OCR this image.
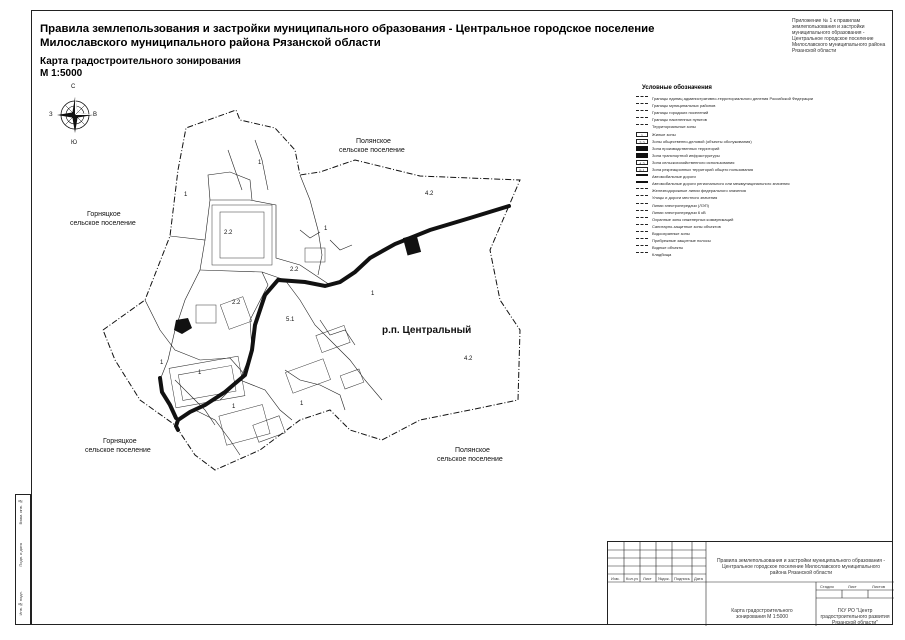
Правила землепользования и застройки муниципального образования - Центральное городское поселение
Милославского муниципального района Рязанской области
Карта градостроительного зонирования
М 1:5000
Приложение № 1 к правилам
землепользования и застройки
муниципального образования -
Центральное городское поселение
Милославского муниципального района
Рязанской области
С
Ю
З	В
Полянское
сельское поселение
Горняцкое
сельское поселение
Горняцкое
сельское поселение	Полянское
сельское поселение
р.п. Центральный
1
1
1
1
1
1
1	1
2.2
2.2
2.2
4.2
4.2
5.1
Условные обозначения
Границы единиц административно-территориального деления Российской Федерации
Границы муниципальных районов
Границы городских поселений
Границы населенных пунктов
Территориальные зоны
1	Жилые зоны
2.2	Зоны общественно-деловой (объекты обслуживания)
Зона производственных территорий
Зона транспортной инфраструктуры
4.2	Зона сельскохозяйственного использования
5.1	Зона рекреационных территорий общего пользования
Автомобильные дороги
Автомобильные дороги регионального или межмуниципального значения
Железнодорожные линии федерального значения
Улицы и дороги местного значения
Линии электропередачи (ЛЭП)
Линии электропередачи 6 кВ
Охранные зоны инженерных коммуникаций
Санитарно-защитные зоны объектов
Водоохранные зоны
Прибрежные защитные полосы
Водные объекты
Кладбища
Изм. Кол.уч Лист №док. Подпись Дата
Правила землепользования и застройки муниципального образования - Центральное городское поселение Милославского муниципального района Рязанской области
Стадия	Лист	Листов
Карта градостроительного зонирования М 1:5000
ГКУ РО "Центр градостроительного развития Рязанской области"
Взам. инв. №
Подп. и дата
Инв.№ подл.
